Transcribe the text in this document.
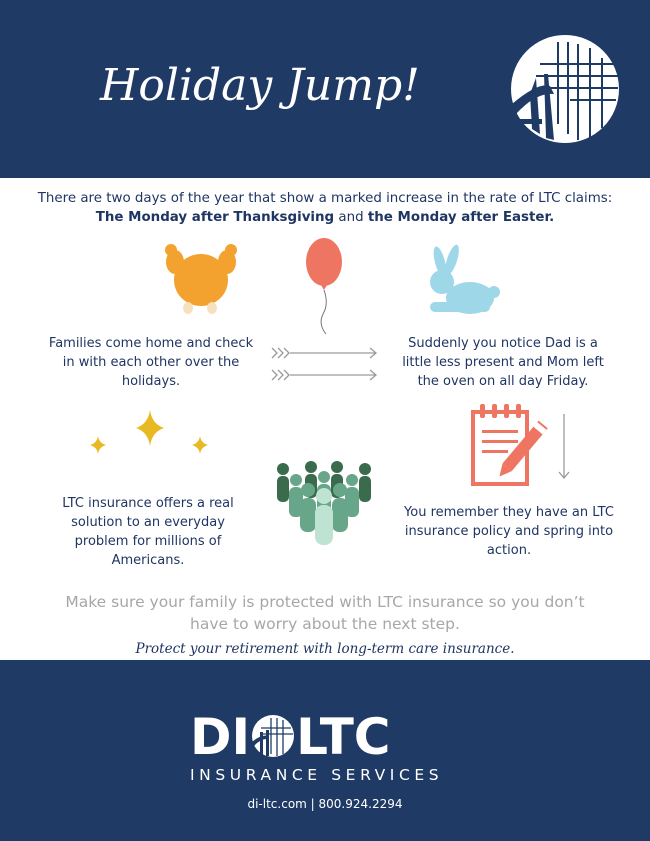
Holiday Jump!
There are two days of the year that show a marked increase in the rate of LTC claims:
The Monday after Thanksgiving and the Monday after Easter.
Families come home and check in with each other over the holidays.
Suddenly you notice Dad is a little less present and Mom left the oven on all day Friday.
LTC insurance offers a real solution to an everyday problem for millions of Americans.
You remember they have an LTC insurance policy and spring into action.
Make sure your family is protected with LTC insurance so you don’t have to worry about the next step.
Protect your retirement with long-term care insurance.
DI LTC
INSURANCE SERVICES
di-ltc.com | 800.924.2294
